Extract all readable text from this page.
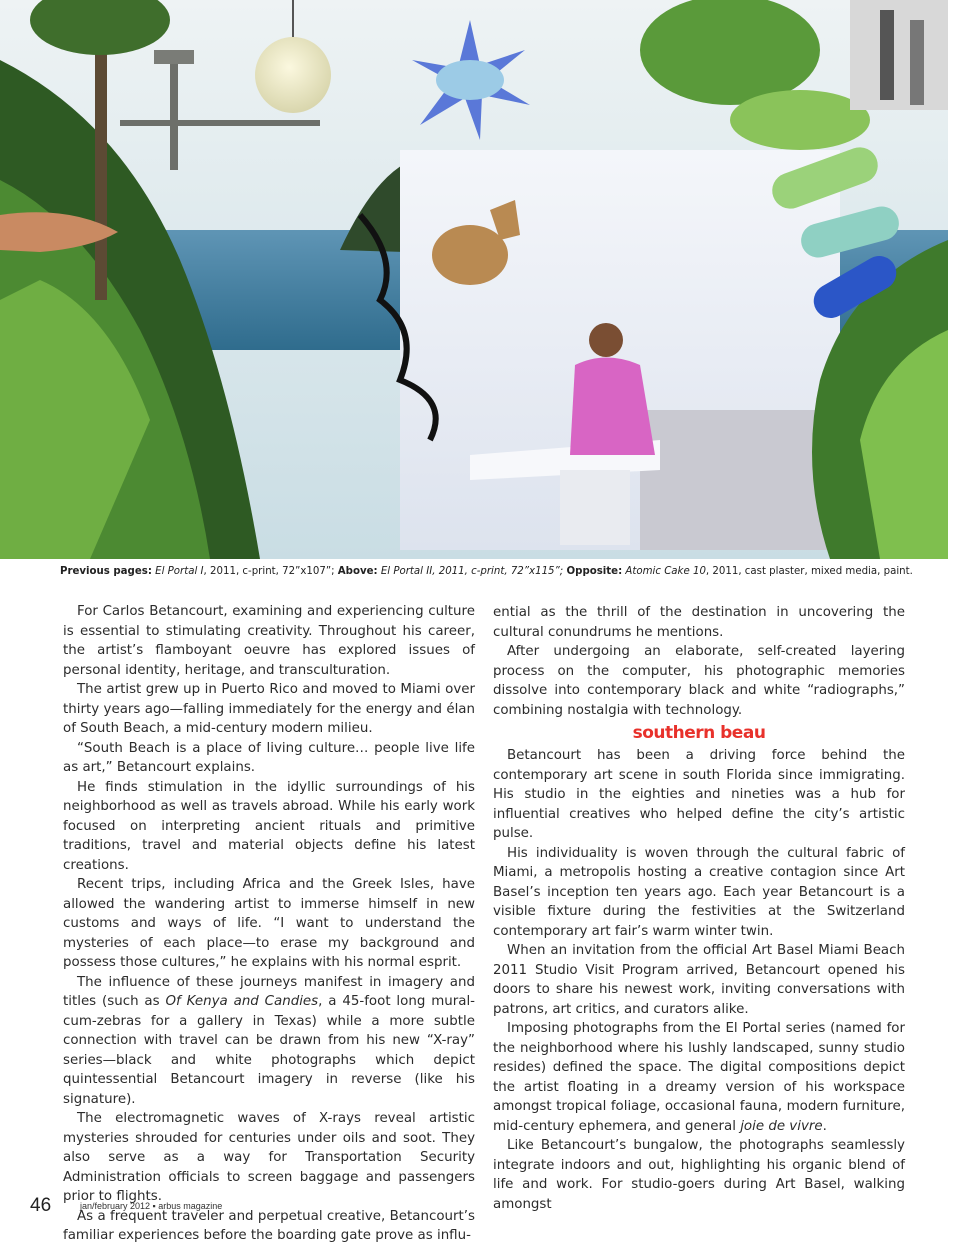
Previous pages: El Portal I, 2011, c-print, 72”x107”; Above: El Portal II, 2011, c-print, 72”x115”; Opposite: Atomic Cake 10, 2011, cast plaster, mixed media, paint.

For Carlos Betancourt, examining and experiencing culture is essential to stimulating creativity. Throughout his career, the artist’s flamboyant oeuvre has explored issues of personal identity, heritage, and transculturation.

The artist grew up in Puerto Rico and moved to Miami over thirty years ago—falling immediately for the energy and élan of South Beach, a mid-century modern milieu.

“South Beach is a place of living culture… people live life as art,” Betancourt explains.

He finds stimulation in the idyllic surroundings of his neighborhood as well as travels abroad. While his early work focused on interpreting ancient rituals and primitive traditions, travel and material objects define his latest creations.

Recent trips, including Africa and the Greek Isles, have allowed the wandering artist to immerse himself in new customs and ways of life. “I want to understand the mysteries of each place—to erase my background and possess those cultures,” he explains with his normal esprit.

The influence of these journeys manifest in imagery and titles (such as Of Kenya and Candies, a 45-foot long mural-cum-zebras for a gallery in Texas) while a more subtle connection with travel can be drawn from his new “X-ray” series—black and white photographs which depict quintessential Betancourt imagery in reverse (like his signature).

The electromagnetic waves of X-rays reveal artistic mysteries shrouded for centuries under oils and soot. They also serve as a way for Transportation Security Administration officials to screen baggage and passengers prior to flights.

As a frequent traveler and perpetual creative, Betancourt’s familiar experiences before the boarding gate prove as influ-

ential as the thrill of the destination in uncovering the cultural conundrums he mentions.

After undergoing an elaborate, self-created layering process on the computer, his photographic memories dissolve into contemporary black and white “radiographs,” combining nostalgia with technology.

southern beau

Betancourt has been a driving force behind the contemporary art scene in south Florida since immigrating. His studio in the eighties and nineties was a hub for influential creatives who helped define the city’s artistic pulse.

His individuality is woven through the cultural fabric of Miami, a metropolis hosting a creative contagion since Art Basel’s inception ten years ago. Each year Betancourt is a visible fixture during the festivities at the Switzerland contemporary art fair’s warm winter twin.

When an invitation from the official Art Basel Miami Beach 2011 Studio Visit Program arrived, Betancourt opened his doors to share his newest work, inviting conversations with patrons, art critics, and curators alike.

Imposing photographs from the El Portal series (named for the neighborhood where his lushly landscaped, sunny studio resides) defined the space. The digital compositions depict the artist floating in a dreamy version of his workspace amongst tropical foliage, occasional fauna, modern furniture, mid-century ephemera, and general joie de vivre.

Like Betancourt’s bungalow, the photographs seamlessly integrate indoors and out, highlighting his organic blend of life and work. For studio-goers during Art Basel, walking amongst

46	jan/february 2012 ▪ arbus magazine
